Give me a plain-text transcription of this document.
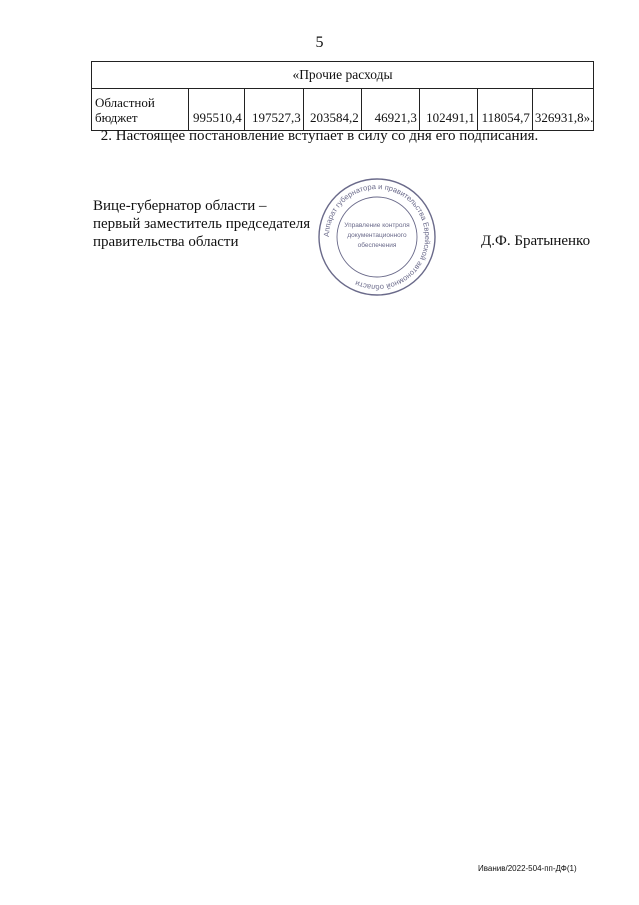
5
«Прочие расходы

Областной
бюджет	995510,4	197527,3	203584,2	46921,3	102491,1	118054,7	326931,8».
2. Настоящее постановление вступает в силу со дня его подписания.
Вице-губернатор области –
первый заместитель председателя
правительства области	Аппарат губернатора и правительства Еврейской автономной области
Управление контроля
документационного
обеспечения	Д.Ф. Братыненко
Иванив/2022-504-пп-ДФ(1)
